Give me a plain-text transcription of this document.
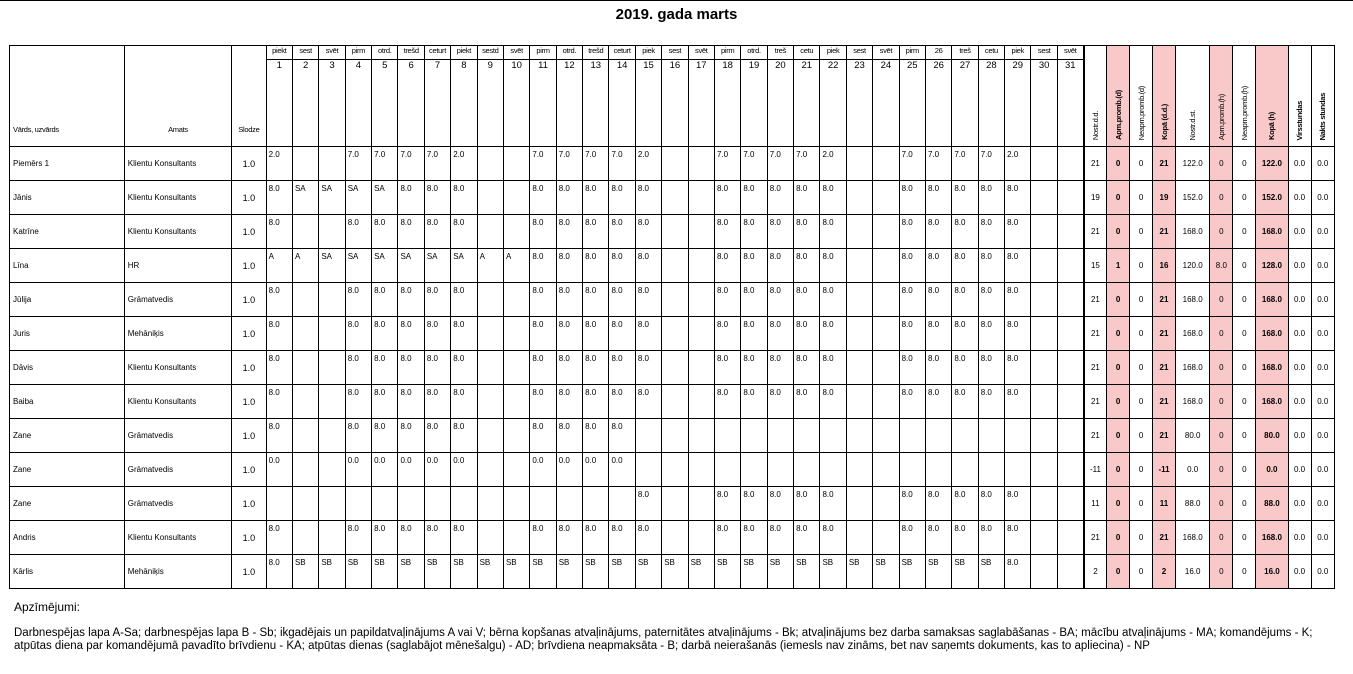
2019. gada marts
Vārds, uzvārds	Amats	Slodze	piekt	sest	svēt	pirm	otrd.	trešd	ceturt	piekt	sestd	svēt	pirm	otrd.	trešd	ceturt	piek	sest	svēt	pirm	otrd.	treš	cetu	piek	sest	svēt	pirm	26	treš	cetu	piek	sest	svēt	Nostr.d.d.	Apm.promb.(d)	Neapm.promb.(d)	Kopā (d.d.)	Nostr.d.st.	Apm.promb.(h)	Neapm.promb.(h)	Kopā (h)	Virsstundas	Nakts stundas
			1	2	3	4	5	6	7	8	9	10	11	12	13	14	15	16	17	18	19	20	21	22	23	24	25	26	27	28	29	30	31										
Piemērs 1	Klientu Konsultants	1.0	2.0			7.0	7.0	7.0	7.0	2.0			7.0	7.0	7.0	7.0	2.0			7.0	7.0	7.0	7.0	2.0			7.0	7.0	7.0	7.0	2.0			21	0	0	21	122.0	0	0	122.0	0.0	0.0
Jānis	Klientu Konsultants	1.0	8.0	SA	SA	SA	SA	8.0	8.0	8.0			8.0	8.0	8.0	8.0	8.0			8.0	8.0	8.0	8.0	8.0			8.0	8.0	8.0	8.0	8.0			19	0	0	19	152.0	0	0	152.0	0.0	0.0
Katrīne	Klientu Konsultants	1.0	8.0			8.0	8.0	8.0	8.0	8.0			8.0	8.0	8.0	8.0	8.0			8.0	8.0	8.0	8.0	8.0			8.0	8.0	8.0	8.0	8.0			21	0	0	21	168.0	0	0	168.0	0.0	0.0
Līna	HR	1.0	A	A	SA	SA	SA	SA	SA	SA	A	A	8.0	8.0	8.0	8.0	8.0			8.0	8.0	8.0	8.0	8.0			8.0	8.0	8.0	8.0	8.0			15	1	0	16	120.0	8.0	0	128.0	0.0	0.0
Jūlija	Grāmatvedis	1.0	8.0			8.0	8.0	8.0	8.0	8.0			8.0	8.0	8.0	8.0	8.0			8.0	8.0	8.0	8.0	8.0			8.0	8.0	8.0	8.0	8.0			21	0	0	21	168.0	0	0	168.0	0.0	0.0
Juris	Mehāniķis	1.0	8.0			8.0	8.0	8.0	8.0	8.0			8.0	8.0	8.0	8.0	8.0			8.0	8.0	8.0	8.0	8.0			8.0	8.0	8.0	8.0	8.0			21	0	0	21	168.0	0	0	168.0	0.0	0.0
Dāvis	Klientu Konsultants	1.0	8.0			8.0	8.0	8.0	8.0	8.0			8.0	8.0	8.0	8.0	8.0			8.0	8.0	8.0	8.0	8.0			8.0	8.0	8.0	8.0	8.0			21	0	0	21	168.0	0	0	168.0	0.0	0.0
Baiba	Klientu Konsultants	1.0	8.0			8.0	8.0	8.0	8.0	8.0			8.0	8.0	8.0	8.0	8.0			8.0	8.0	8.0	8.0	8.0			8.0	8.0	8.0	8.0	8.0			21	0	0	21	168.0	0	0	168.0	0.0	0.0
Zane	Grāmatvedis	1.0	8.0			8.0	8.0	8.0	8.0	8.0			8.0	8.0	8.0	8.0																		21	0	0	21	80.0	0	0	80.0	0.0	0.0
Zane	Grāmatvedis	1.0	0.0			0.0	0.0	0.0	0.0	0.0			0.0	0.0	0.0	0.0																		-11	0	0	-11	0.0	0	0	0.0	0.0	0.0
Zane	Grāmatvedis	1.0															8.0			8.0	8.0	8.0	8.0	8.0			8.0	8.0	8.0	8.0	8.0			11	0	0	11	88.0	0	0	88.0	0.0	0.0
Andris	Klientu Konsultants	1.0	8.0			8.0	8.0	8.0	8.0	8.0			8.0	8.0	8.0	8.0	8.0			8.0	8.0	8.0	8.0	8.0			8.0	8.0	8.0	8.0	8.0			21	0	0	21	168.0	0	0	168.0	0.0	0.0
Kārlis	Mehāniķis	1.0	8.0	SB	SB	SB	SB	SB	SB	SB	SB	SB	SB	SB	SB	SB	SB	SB	SB	SB	SB	SB	SB	SB	SB	SB	SB	SB	SB	SB	8.0			2	0	0	2	16.0	0	0	16.0	0.0	0.0
Apzīmējumi:
Darbnespējas lapa A-Sa; darbnespējas lapa B - Sb; ikgadējais un papildatvaļinājums A vai V; bērna kopšanas atvaļinājums, paternitātes atvaļinājums - Bk; atvaļinājums bez darba samaksas saglabāšanas - BA; mācību atvaļinājums - MA; komandējums - K; atpūtas diena par komandējumā pavadīto brīvdienu - KA; atpūtas dienas (saglabājot mēnešalgu) - AD; brīvdiena neapmaksāta - B; darbā neierašanās (iemesls nav zināms, bet nav saņemts dokuments, kas to apliecina) - NP
